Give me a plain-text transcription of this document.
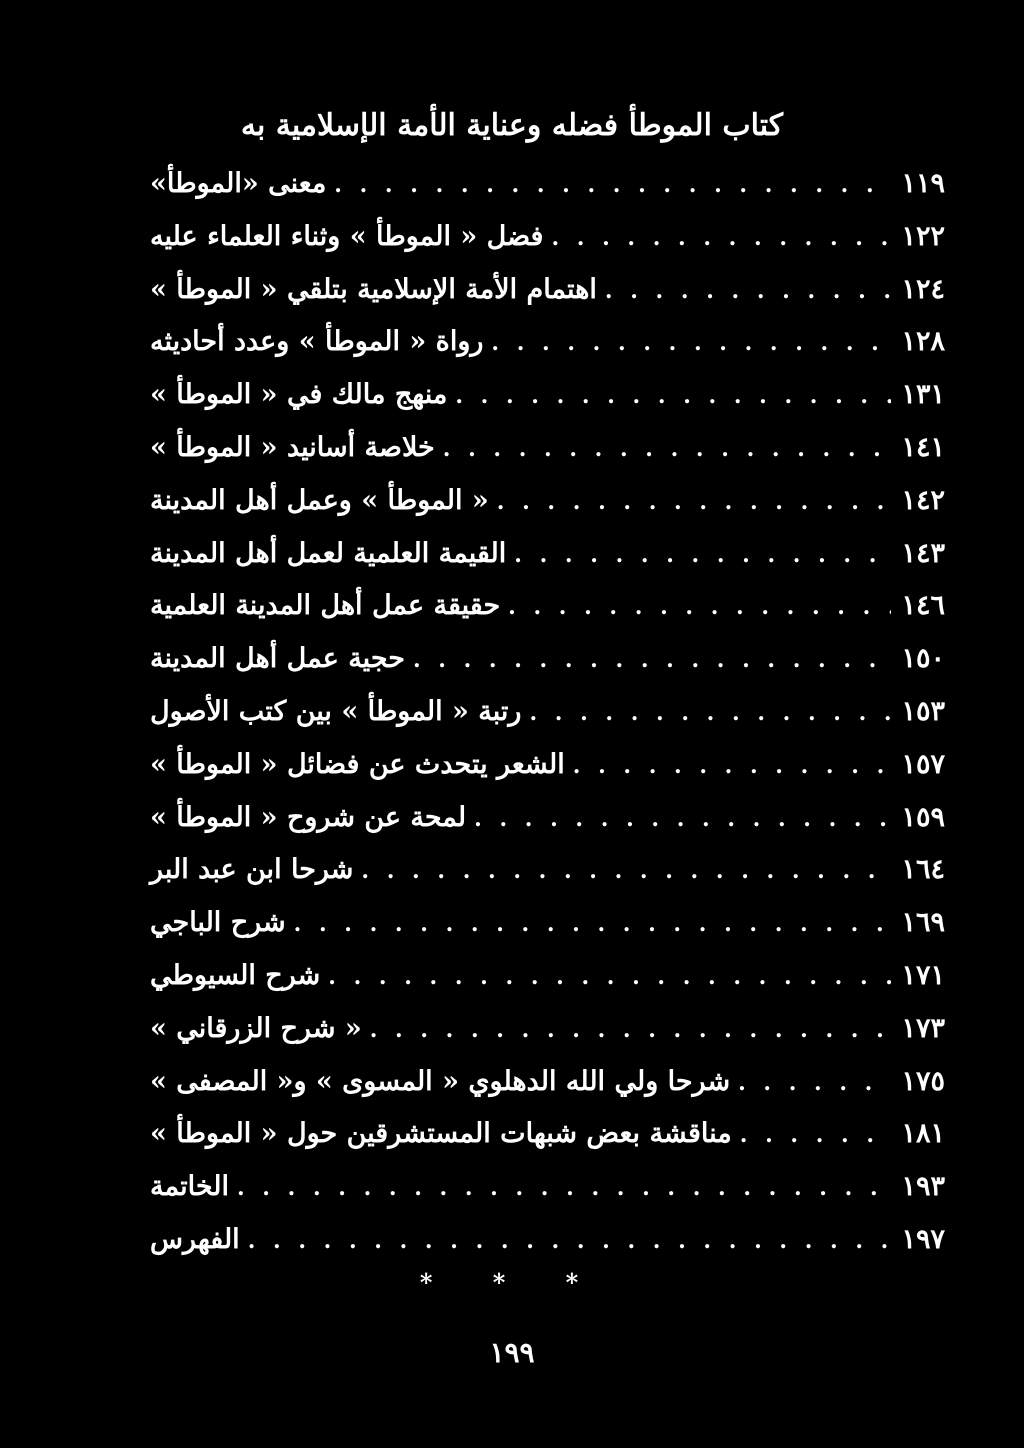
كتاب الموطأ فضله وعناية الأمة الإسلامية به
معنى «الموطأ» . . .	١١٩
فضل « الموطأ » وثناء العلماء عليه . . .	١٢٢
اهتمام الأمة الإسلامية بتلقي « الموطأ » . . .	١٢٤
رواة « الموطأ » وعدد أحاديثه . . .	١٢٨
منهج مالك في « الموطأ » . . .	١٣١
خلاصة أسانيد « الموطأ » . . .	١٤١
« الموطأ » وعمل أهل المدينة . . .	١٤٢
القيمة العلمية لعمل أهل المدينة . . .	١٤٣
حقيقة عمل أهل المدينة العلمية . . .	١٤٦
حجية عمل أهل المدينة . . .	١٥٠
رتبة « الموطأ » بين كتب الأصول . . .	١٥٣
الشعر يتحدث عن فضائل « الموطأ » . . .	١٥٧
لمحة عن شروح « الموطأ » . . .	١٥٩
شرحا ابن عبد البر . . .	١٦٤
شرح الباجي . . .	١٦٩
شرح السيوطي . . .	١٧١
« شرح الزرقاني » . . .	١٧٣
شرحا ولي الله الدهلوي « المسوى » و« المصفى » . . .	١٧٥
مناقشة بعض شبهات المستشرقين حول « الموطأ » . . .	١٨١
الخاتمة . . .	١٩٣
الفهرس . . .	١٩٧
* * *
١٩٩
